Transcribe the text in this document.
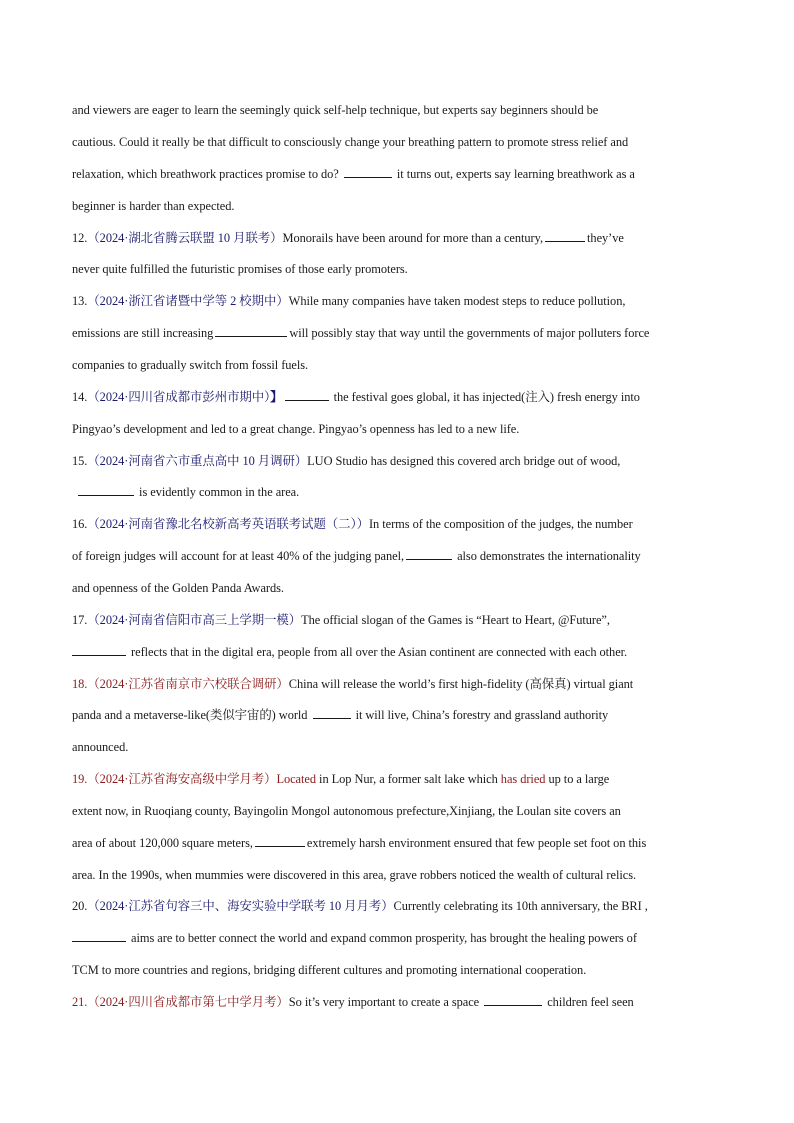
and viewers are eager to learn the seemingly quick self-help technique, but experts say beginners should be
cautious. Could it really be that difficult to consciously change your breathing pattern to promote stress relief and
relaxation, which breathwork practices promise to do?	it turns out, experts say learning breathwork as a
beginner is harder than expected.
12.（2024·湖北省腾云联盟 10 月联考）Monorails have been around for more than a century,	they’ve
never quite fulfilled the futuristic promises of those early promoters.
13.（2024·浙江省诸暨中学等 2 校期中）While many companies have taken modest steps to reduce pollution,
emissions are still increasing	will possibly stay that way until the governments of major polluters force
companies to gradually switch from fossil fuels.
14.（2024·四川省成都市彭州市期中）】	the festival goes global, it has injected(注入) fresh energy into
Pingyao’s development and led to a great change. Pingyao’s openness has led to a new life.
15.（2024·河南省六市重点高中 10 月调研）LUO Studio has designed this covered arch bridge out of wood,
is evidently common in the area.
16.（2024·河南省豫北名校新高考英语联考试题（二））In terms of the composition of the judges, the number
of foreign judges will account for at least 40% of the judging panel,	also demonstrates the internationality
and openness of the Golden Panda Awards.
17.（2024·河南省信阳市高三上学期一模）The official slogan of the Games is “Heart to Heart, @Future”,
reflects that in the digital era, people from all over the Asian continent are connected with each other.
18.（2024·江苏省南京市六校联合调研）China will release the world’s first high-fidelity (高保真) virtual giant
panda and a metaverse-like(类似宇宙的) world	it will live, China’s forestry and grassland authority
announced.
19.（2024·江苏省海安高级中学月考）Located in Lop Nur, a former salt lake which has dried up to a large
extent now, in Ruoqiang county, Bayingolin Mongol autonomous prefecture,Xinjiang, the Loulan site covers an
area of about 120,000 square meters,	extremely harsh environment ensured that few people set foot on this
area. In the 1990s, when mummies were discovered in this area, grave robbers noticed the wealth of cultural relics.
20.（2024·江苏省句容三中、海安实验中学联考 10 月月考）Currently celebrating its 10th anniversary, the BRI ,
aims are to better connect the world and expand common prosperity, has brought the healing powers of
TCM to more countries and regions, bridging different cultures and promoting international cooperation.
21.（2024·四川省成都市第七中学月考）So it’s very important to create a space	children feel seen
